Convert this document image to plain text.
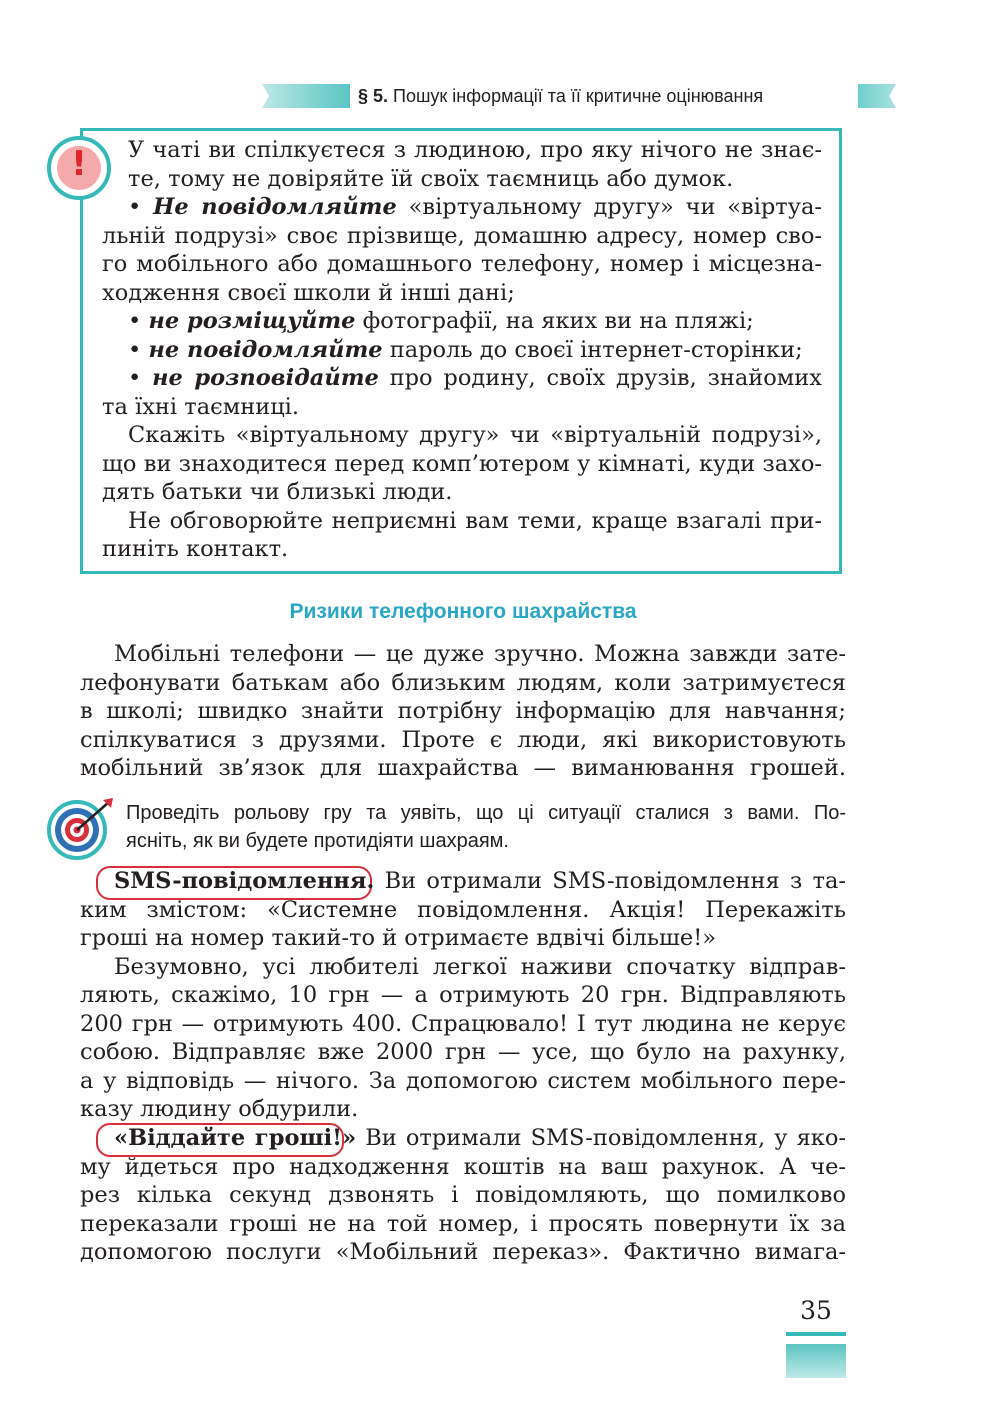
§ 5. Пошук інформації та її критичне оцінювання
!	У чаті ви спілкуєтеся з людиною, про яку нічого не знає-
те, тому не довіряйте їй своїх таємниць або думок.
• Не повідомляйте «віртуальному другу» чи «віртуа-
льній подрузі» своє прізвище, домашню адресу, номер сво-
го мобільного або домашнього телефону, номер і місцезна-
ходження своєї школи й інші дані;
• не розміщуйте фотографії, на яких ви на пляжі;
• не повідомляйте пароль до своєї інтернет-сторінки;
• не розповідайте про родину, своїх друзів, знайомих
та їхні таємниці.
Скажіть «віртуальному другу» чи «віртуальній подрузі»,
що ви знаходитеся перед комп’ютером у кімнаті, куди захо-
дять батьки чи близькі люди.
Не обговорюйте неприємні вам теми, краще взагалі при-
пиніть контакт.
Ризики телефонного шахрайства
Мобільні телефони — це дуже зручно. Можна завжди зате-
лефонувати батькам або близьким людям, коли затримуєтеся
в школі; швидко знайти потрібну інформацію для навчання;
спілкуватися з друзями. Проте є люди, які використовують
мобільний зв’язок для шахрайства — виманювання грошей.
Проведіть рольову гру та уявіть, що ці ситуації сталися з вами. По-
ясніть, як ви будете протидіяти шахраям.
SMS-повідомлення. Ви отримали SMS-повідомлення з та-
ким змістом: «Системне повідомлення. Акція! Перекажіть
гроші на номер такий-то й отримаєте вдвічі більше!»
Безумовно, усі любителі легкої наживи спочатку відправ-
ляють, скажімо, 10 грн — а отримують 20 грн. Відправляють
200 грн — отримують 400. Спрацювало! І тут людина не керує
собою. Відправляє вже 2000 грн — усе, що було на рахунку,
а у відповідь — нічого. За допомогою систем мобільного пере-
казу людину обдурили.
«Віддайте гроші!» Ви отримали SMS-повідомлення, у яко-
му йдеться про надходження коштів на ваш рахунок. А че-
рез кілька секунд дзвонять і повідомляють, що помилково
переказали гроші не на той номер, і просять повернути їх за
допомогою послуги «Мобільний переказ». Фактично вимага-
35
